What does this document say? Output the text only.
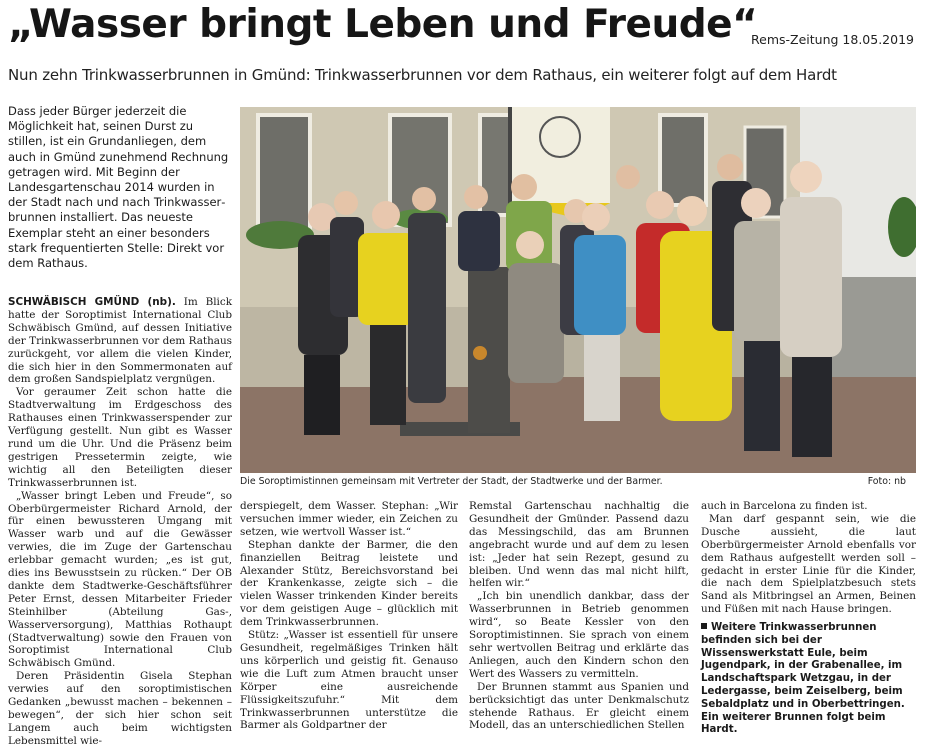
„Wasser bringt Leben und Freude“
Rems-Zeitung 18.05.2019
Nun zehn Trinkwasserbrunnen in Gmünd: Trinkwasserbrunnen vor dem Rathaus, ein weiterer folgt auf dem Hardt
Dass jeder Bürger jederzeit die Möglichkeit hat, seinen Durst zu stillen, ist ein Grundanliegen, dem auch in Gmünd zunehmend Rechnung getragen wird. Mit Beginn der Landesgartenschau 2014 wurden in der Stadt nach und nach Trinkwasserbrunnen installiert. Das neueste Exemplar steht an einer besonders stark frequentierten Stelle: Direkt vor dem Rathaus.
Die Soroptimistinnen gemeinsam mit Vertreter der Stadt, der Stadtwerke und der Barmer.	Foto: nb

SCHWÄBISCH GMÜND (nb). Im Blick hatte der Soroptimist International Club Schwäbisch Gmünd, auf dessen Initiative der Trinkwasserbrunnen vor dem Rathaus zurückgeht, vor allem die vielen Kinder, die sich hier in den Sommermonaten auf dem großen Sandspielplatz vergnügen.

Vor geraumer Zeit schon hatte die Stadtverwaltung im Erdgeschoss des Rathauses einen Trinkwasserspender zur Verfügung gestellt. Nun gibt es Wasser rund um die Uhr. Und die Präsenz beim gestrigen Pressetermin zeigte, wie wichtig all den Beteiligten dieser Trinkwasserbrunnen ist.

„Wasser bringt Leben und Freude“, so Oberbürgermeister Richard Arnold, der für einen bewussteren Umgang mit Wasser warb und auf die Gewässer verwies, die im Zuge der Gartenschau erlebbar gemacht wurden; „es ist gut, dies ins Bewusstsein zu rücken.“ Der OB dankte dem Stadtwerke-Geschäftsführer Peter Ernst, dessen Mitarbeiter Frieder Steinhilber (Abteilung Gas-, Wasserversorgung), Matthias Rothaupt (Stadtverwaltung) sowie den Frauen von Soroptimist International Club Schwäbisch Gmünd.

Deren Präsidentin Gisela Stephan verwies auf den soroptimistischen Gedanken „bewusst machen – bekennen – bewegen“, der sich hier schon seit Langem auch beim wichtigsten Lebensmittel wie-

derspiegelt, dem Wasser. Stephan: „Wir versuchen immer wieder, ein Zeichen zu setzen, wie wertvoll Wasser ist.“

Stephan dankte der Barmer, die den finanziellen Beitrag leistete und Alexander Stütz, Bereichsvorstand bei der Krankenkasse, zeigte sich – die vielen Wasser trinkenden Kinder bereits vor dem geistigen Auge – glücklich mit dem Trinkwasserbrunnen.

Stütz: „Wasser ist essentiell für unsere Gesundheit, regelmäßiges Trinken hält uns körperlich und geistig fit. Genauso wie die Luft zum Atmen braucht unser Körper eine ausreichende Flüssigkeitszufuhr.“ Mit dem Trinkwasserbrunnen unterstütze die Barmer als Goldpartner der

Remstal Gartenschau nachhaltig die Gesundheit der Gmünder. Passend dazu das Messingschild, das am Brunnen angebracht wurde und auf dem zu lesen ist: „Jeder hat sein Rezept, gesund zu bleiben. Und wenn das mal nicht hilft, helfen wir.“

„Ich bin unendlich dankbar, dass der Wasserbrunnen in Betrieb genommen wird“, so Beate Kessler von den Soroptimistinnen. Sie sprach von einem sehr wertvollen Beitrag und erklärte das Anliegen, auch den Kindern schon den Wert des Wassers zu vermitteln.

Der Brunnen stammt aus Spanien und berücksichtigt das unter Denkmalschutz stehende Rathaus. Er gleicht einem Modell, das an unterschiedlichen Stellen

auch in Barcelona zu finden ist.

Man darf gespannt sein, wie die Dusche aussieht, die laut Oberbürgermeister Arnold ebenfalls vor dem Rathaus aufgestellt werden soll – gedacht in erster Linie für die Kinder, die nach dem Spielplatzbesuch stets Sand als Mitbringsel an Armen, Beinen und Füßen mit nach Hause bringen.

Weitere Trinkwasserbrunnen befinden sich bei der Wissenswerkstatt Eule, beim Jugendpark, in der Grabenallee, im Landschaftspark Wetzgau, in der Ledergasse, beim Zeiselberg, beim Sebaldplatz und in Oberbettringen. Ein weiterer Brunnen folgt beim Hardt.
